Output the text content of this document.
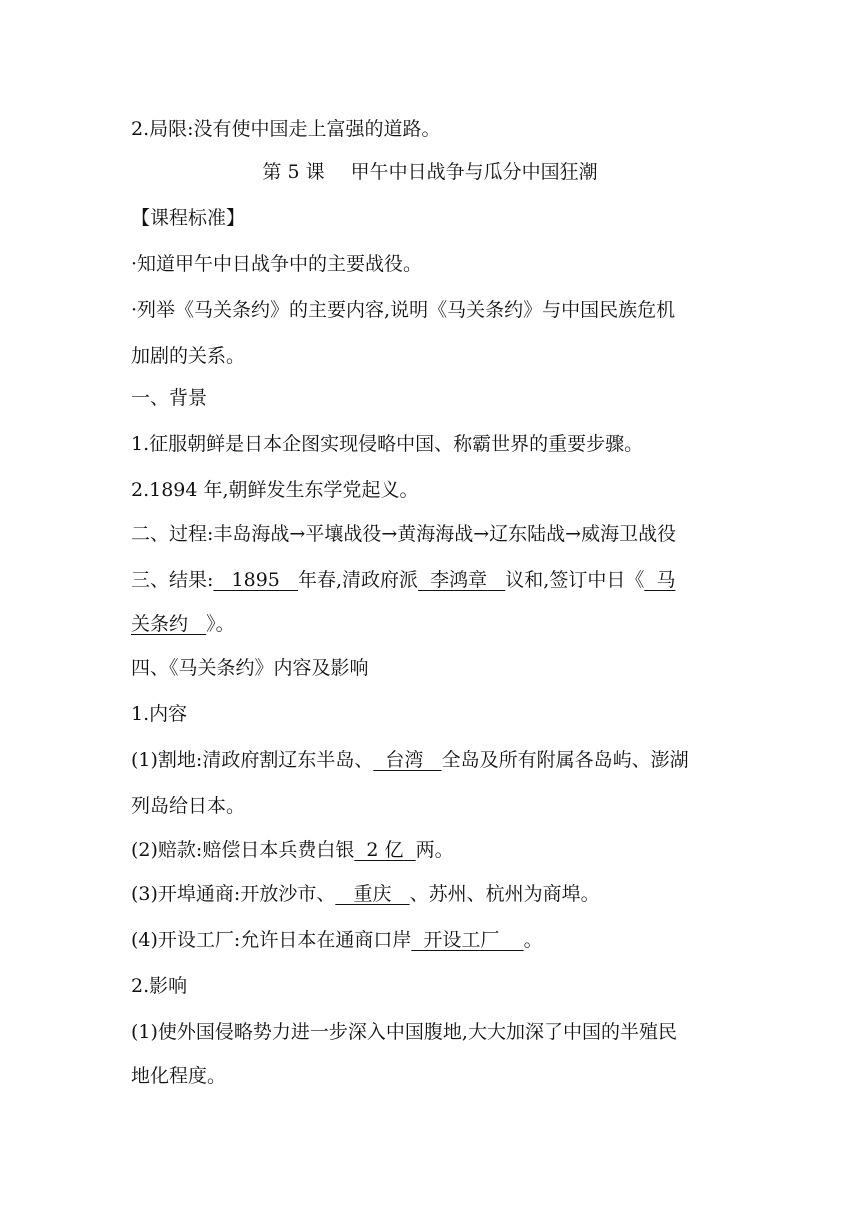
2.局限:没有使中国走上富强的道路。
第 5 课 甲午中日战争与瓜分中国狂潮
【课程标准】
·知道甲午中日战争中的主要战役。
·列举《马关条约》的主要内容,说明《马关条约》与中国民族危机
加剧的关系。
一、背景
1.征服朝鲜是日本企图实现侵略中国、称霸世界的重要步骤。
2.1894 年,朝鲜发生东学党起义。
二、过程:丰岛海战→平壤战役→黄海海战→辽东陆战→威海卫战役
三、结果: 1895 年春,清政府派 李鸿章 议和,签订中日《 马
关条约 》。
四、《马关条约》内容及影响
1.内容
(1)割地:清政府割辽东半岛、 台湾 全岛及所有附属各岛屿、澎湖
列岛给日本。
(2)赔款:赔偿日本兵费白银 2 亿 两。
(3)开埠通商:开放沙市、 重庆 、苏州、杭州为商埠。
(4)开设工厂:允许日本在通商口岸 开设工厂 。
2.影响
(1)使外国侵略势力进一步深入中国腹地,大大加深了中国的半殖民
地化程度。
